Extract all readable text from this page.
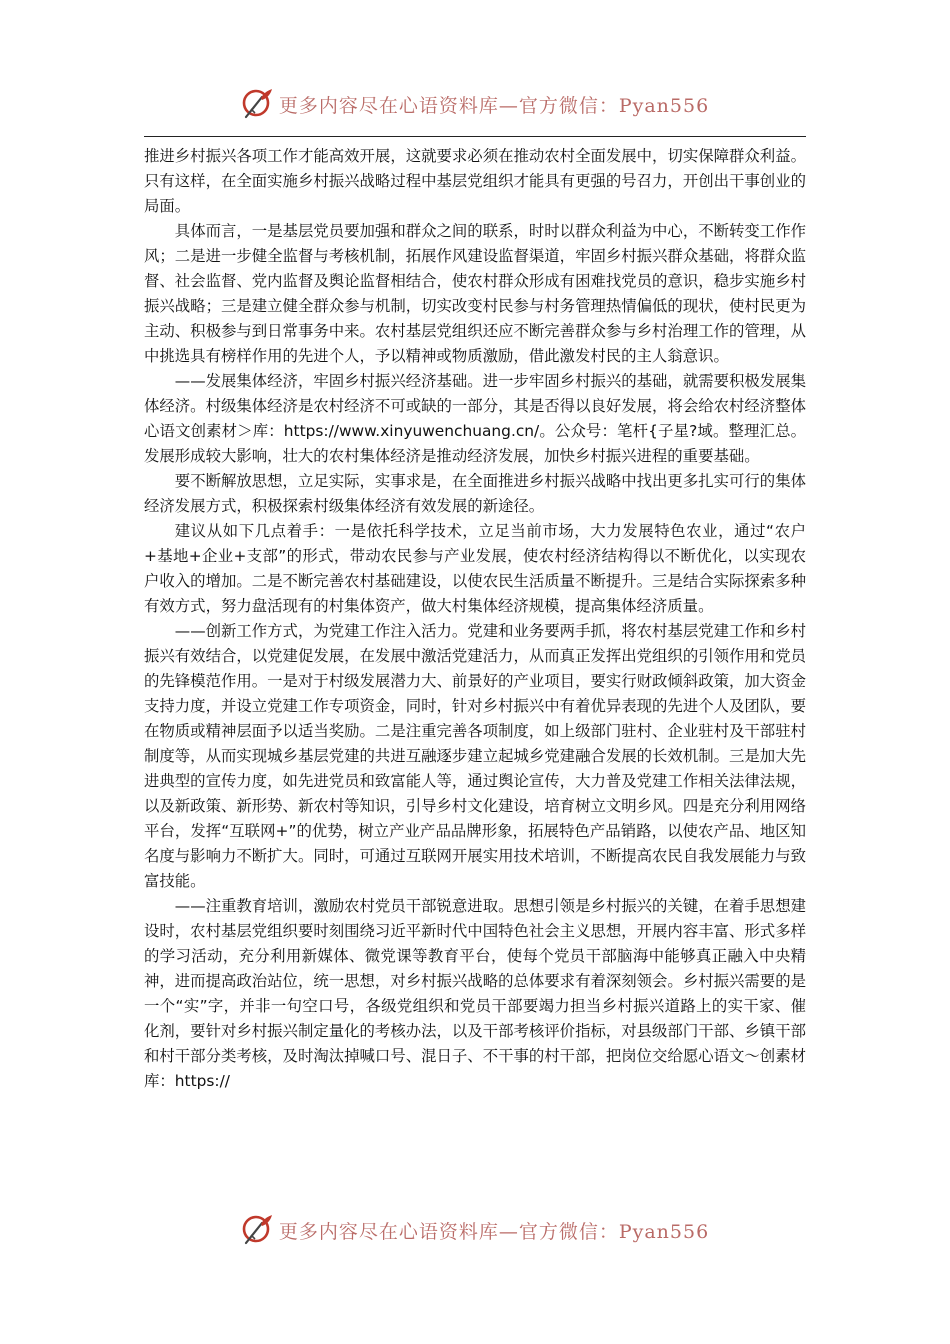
更多内容尽在心语资料库—官方微信：Pyan556

推进乡村振兴各项工作才能高效开展，这就要求必须在推动农村全面发展中，切实保障群众利益。只有这样，在全面实施乡村振兴战略过程中基层党组织才能具有更强的号召力，开创出干事创业的局面。

具体而言，一是基层党员要加强和群众之间的联系，时时以群众利益为中心，不断转变工作作风；二是进一步健全监督与考核机制，拓展作风建设监督渠道，牢固乡村振兴群众基础，将群众监督、社会监督、党内监督及舆论监督相结合，使农村群众形成有困难找党员的意识，稳步实施乡村振兴战略；三是建立健全群众参与机制，切实改变村民参与村务管理热情偏低的现状，使村民更为主动、积极参与到日常事务中来。农村基层党组织还应不断完善群众参与乡村治理工作的管理，从中挑选具有榜样作用的先进个人，予以精神或物质激励，借此激发村民的主人翁意识。

——发展集体经济，牢固乡村振兴经济基础。进一步牢固乡村振兴的基础，就需要积极发展集体经济。村级集体经济是农村经济不可或缺的一部分，其是否得以良好发展，将会给农村经济整体心语文创素材＞库：https://www.xinyuwenchuang.cn/。公众号：笔杆{子星?域。整理汇总。发展形成较大影响，壮大的农村集体经济是推动经济发展，加快乡村振兴进程的重要基础。

要不断解放思想，立足实际，实事求是，在全面推进乡村振兴战略中找出更多扎实可行的集体经济发展方式，积极探索村级集体经济有效发展的新途径。

建议从如下几点着手：一是依托科学技术，立足当前市场，大力发展特色农业，通过“农户+基地+企业+支部”的形式，带动农民参与产业发展，使农村经济结构得以不断优化，以实现农户收入的增加。二是不断完善农村基础建设，以使农民生活质量不断提升。三是结合实际探索多种有效方式，努力盘活现有的村集体资产，做大村集体经济规模，提高集体经济质量。

——创新工作方式，为党建工作注入活力。党建和业务要两手抓，将农村基层党建工作和乡村振兴有效结合，以党建促发展，在发展中激活党建活力，从而真正发挥出党组织的引领作用和党员的先锋模范作用。一是对于村级发展潜力大、前景好的产业项目，要实行财政倾斜政策，加大资金支持力度，并设立党建工作专项资金，同时，针对乡村振兴中有着优异表现的先进个人及团队，要在物质或精神层面予以适当奖励。二是注重完善各项制度，如上级部门驻村、企业驻村及干部驻村制度等，从而实现城乡基层党建的共进互融逐步建立起城乡党建融合发展的长效机制。三是加大先进典型的宣传力度，如先进党员和致富能人等，通过舆论宣传，大力普及党建工作相关法律法规，以及新政策、新形势、新农村等知识，引导乡村文化建设，培育树立文明乡风。四是充分利用网络平台，发挥“互联网+”的优势，树立产业产品品牌形象，拓展特色产品销路，以使农产品、地区知名度与影响力不断扩大。同时，可通过互联网开展实用技术培训，不断提高农民自我发展能力与致富技能。

——注重教育培训，激励农村党员干部锐意进取。思想引领是乡村振兴的关键，在着手思想建设时，农村基层党组织要时刻围绕习近平新时代中国特色社会主义思想，开展内容丰富、形式多样的学习活动，充分利用新媒体、微党课等教育平台，使每个党员干部脑海中能够真正融入中央精神，进而提高政治站位，统一思想，对乡村振兴战略的总体要求有着深刻领会。乡村振兴需要的是一个“实”字，并非一句空口号，各级党组织和党员干部要竭力担当乡村振兴道路上的实干家、催化剂，要针对乡村振兴制定量化的考核办法，以及干部考核评价指标，对县级部门干部、乡镇干部和村干部分类考核，及时淘汰掉喊口号、混日子、不干事的村干部，把岗位交给愿心语文～创素材库：https://

更多内容尽在心语资料库—官方微信：Pyan556
